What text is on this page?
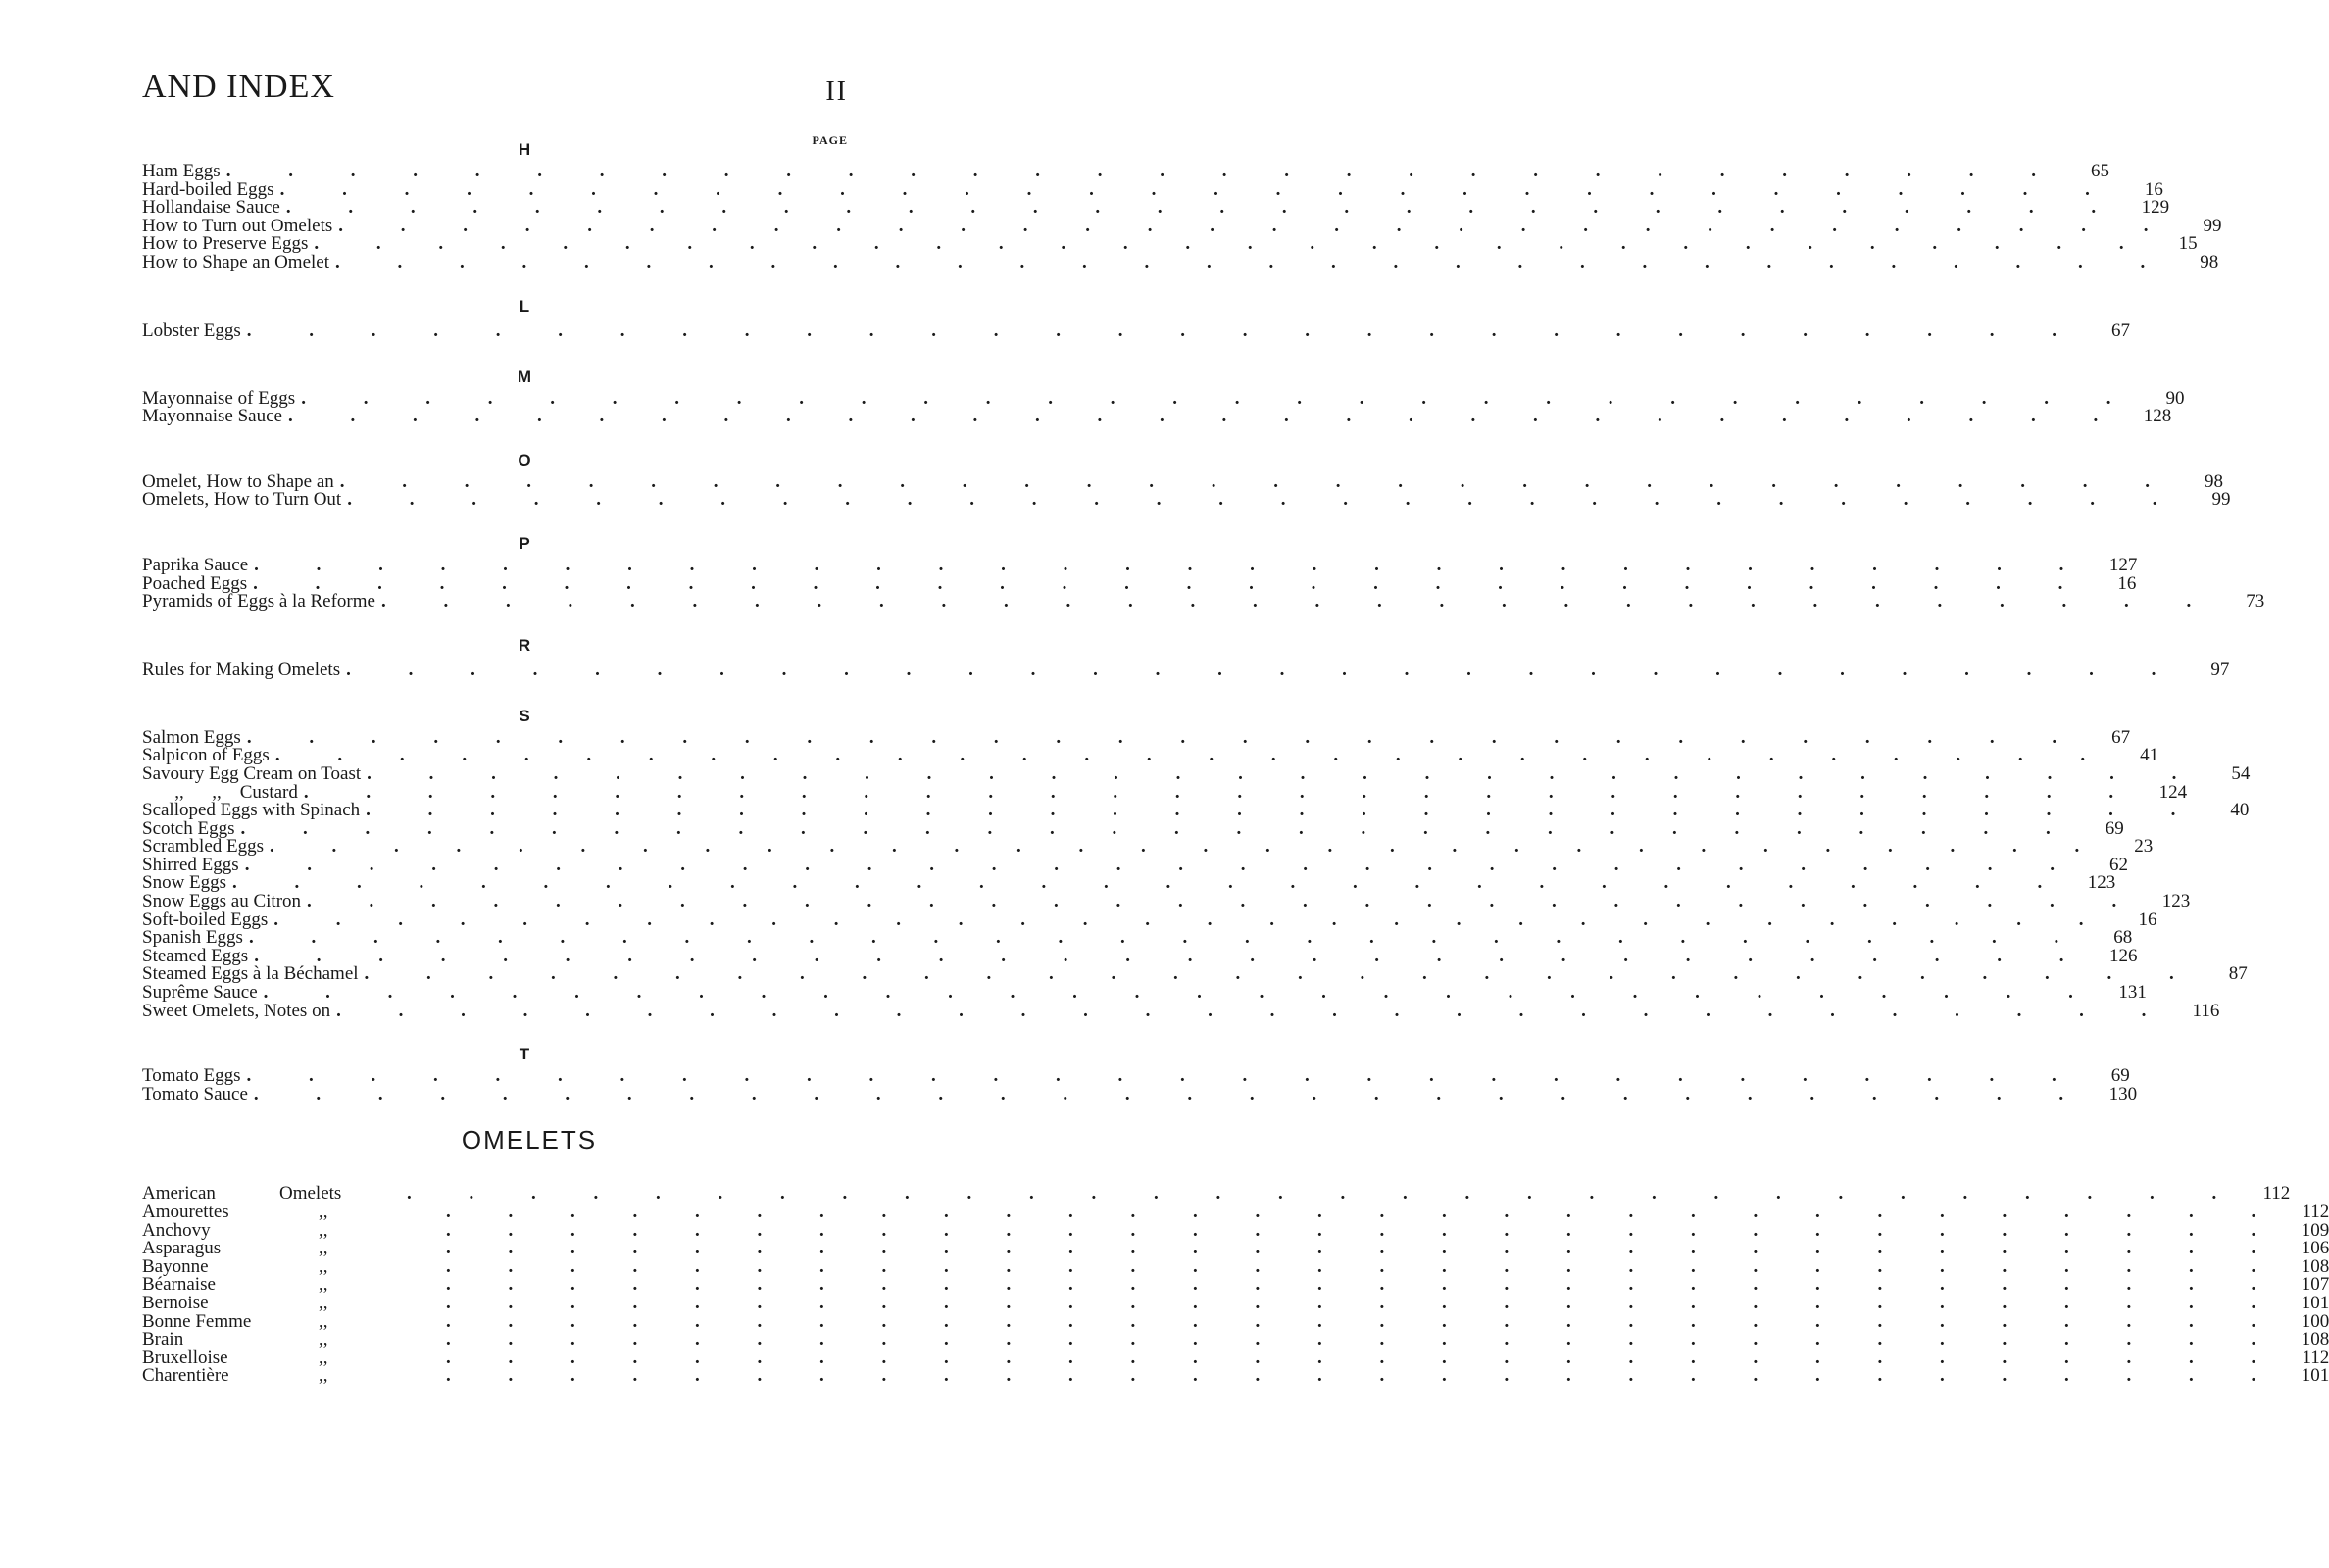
AND INDEX	II
PAGE
H
Ham Eggs . . . . . . . . . . . . . . . . . . . . . . . . . . . . . .	65
Hard-boiled Eggs . . . . . . . . . . . . . . . . . . . . . . . . . . . . . .	16
Hollandaise Sauce . . . . . . . . . . . . . . . . . . . . . . . . . . . . . .	129
How to Turn out Omelets . . . . . . . . . . . . . . . . . . . . . . . . . . . . . .	99
How to Preserve Eggs . . . . . . . . . . . . . . . . . . . . . . . . . . . . . .	15
How to Shape an Omelet . . . . . . . . . . . . . . . . . . . . . . . . . . . . . .	98
L
Lobster Eggs . . . . . . . . . . . . . . . . . . . . . . . . . . . . . .	67
M
Mayonnaise of Eggs . . . . . . . . . . . . . . . . . . . . . . . . . . . . . .	90
Mayonnaise Sauce . . . . . . . . . . . . . . . . . . . . . . . . . . . . . .	128
O
Omelet, How to Shape an . . . . . . . . . . . . . . . . . . . . . . . . . . . . . .	98
Omelets, How to Turn Out . . . . . . . . . . . . . . . . . . . . . . . . . . . . . .	99
P
Paprika Sauce . . . . . . . . . . . . . . . . . . . . . . . . . . . . . .	127
Poached Eggs . . . . . . . . . . . . . . . . . . . . . . . . . . . . . .	16
Pyramids of Eggs à la Reforme . . . . . . . . . . . . . . . . . . . . . . . . . . . . . .	73
R
Rules for Making Omelets . . . . . . . . . . . . . . . . . . . . . . . . . . . . . .	97
S
Salmon Eggs . . . . . . . . . . . . . . . . . . . . . . . . . . . . . .	67
Salpicon of Eggs . . . . . . . . . . . . . . . . . . . . . . . . . . . . . .	41
Savoury Egg Cream on Toast . . . . . . . . . . . . . . . . . . . . . . . . . . . . . .	54
,,      ,,    Custard . . . . . . . . . . . . . . . . . . . . . . . . . . . . . .	124
Scalloped Eggs with Spinach . . . . . . . . . . . . . . . . . . . . . . . . . . . . . .	40
Scotch Eggs . . . . . . . . . . . . . . . . . . . . . . . . . . . . . .	69
Scrambled Eggs . . . . . . . . . . . . . . . . . . . . . . . . . . . . . .	23
Shirred Eggs . . . . . . . . . . . . . . . . . . . . . . . . . . . . . .	62
Snow Eggs . . . . . . . . . . . . . . . . . . . . . . . . . . . . . .	123
Snow Eggs au Citron . . . . . . . . . . . . . . . . . . . . . . . . . . . . . .	123
Soft-boiled Eggs . . . . . . . . . . . . . . . . . . . . . . . . . . . . . .	16
Spanish Eggs . . . . . . . . . . . . . . . . . . . . . . . . . . . . . .	68
Steamed Eggs . . . . . . . . . . . . . . . . . . . . . . . . . . . . . .	126
Steamed Eggs à la Béchamel . . . . . . . . . . . . . . . . . . . . . . . . . . . . . .	87
Suprême Sauce . . . . . . . . . . . . . . . . . . . . . . . . . . . . . .	131
Sweet Omelets, Notes on . . . . . . . . . . . . . . . . . . . . . . . . . . . . . .	116
T
Tomato Eggs . . . . . . . . . . . . . . . . . . . . . . . . . . . . . .	69
Tomato Sauce . . . . . . . . . . . . . . . . . . . . . . . . . . . . . .	130
OMELETS
American	Omelets	. . . . . . . . . . . . . . . . . . . . . . . . . . . . . .	112
Amourettes	,,	. . . . . . . . . . . . . . . . . . . . . . . . . . . . . .	112
Anchovy	,,	. . . . . . . . . . . . . . . . . . . . . . . . . . . . . .	109
Asparagus	,,	. . . . . . . . . . . . . . . . . . . . . . . . . . . . . .	106
Bayonne	,,	. . . . . . . . . . . . . . . . . . . . . . . . . . . . . .	108
Béarnaise	,,	. . . . . . . . . . . . . . . . . . . . . . . . . . . . . .	107
Bernoise	,,	. . . . . . . . . . . . . . . . . . . . . . . . . . . . . .	101
Bonne Femme	,,	. . . . . . . . . . . . . . . . . . . . . . . . . . . . . .	100
Brain	,,	. . . . . . . . . . . . . . . . . . . . . . . . . . . . . .	108
Bruxelloise	,,	. . . . . . . . . . . . . . . . . . . . . . . . . . . . . .	112
Charentière	,,	. . . . . . . . . . . . . . . . . . . . . . . . . . . . . .	101
